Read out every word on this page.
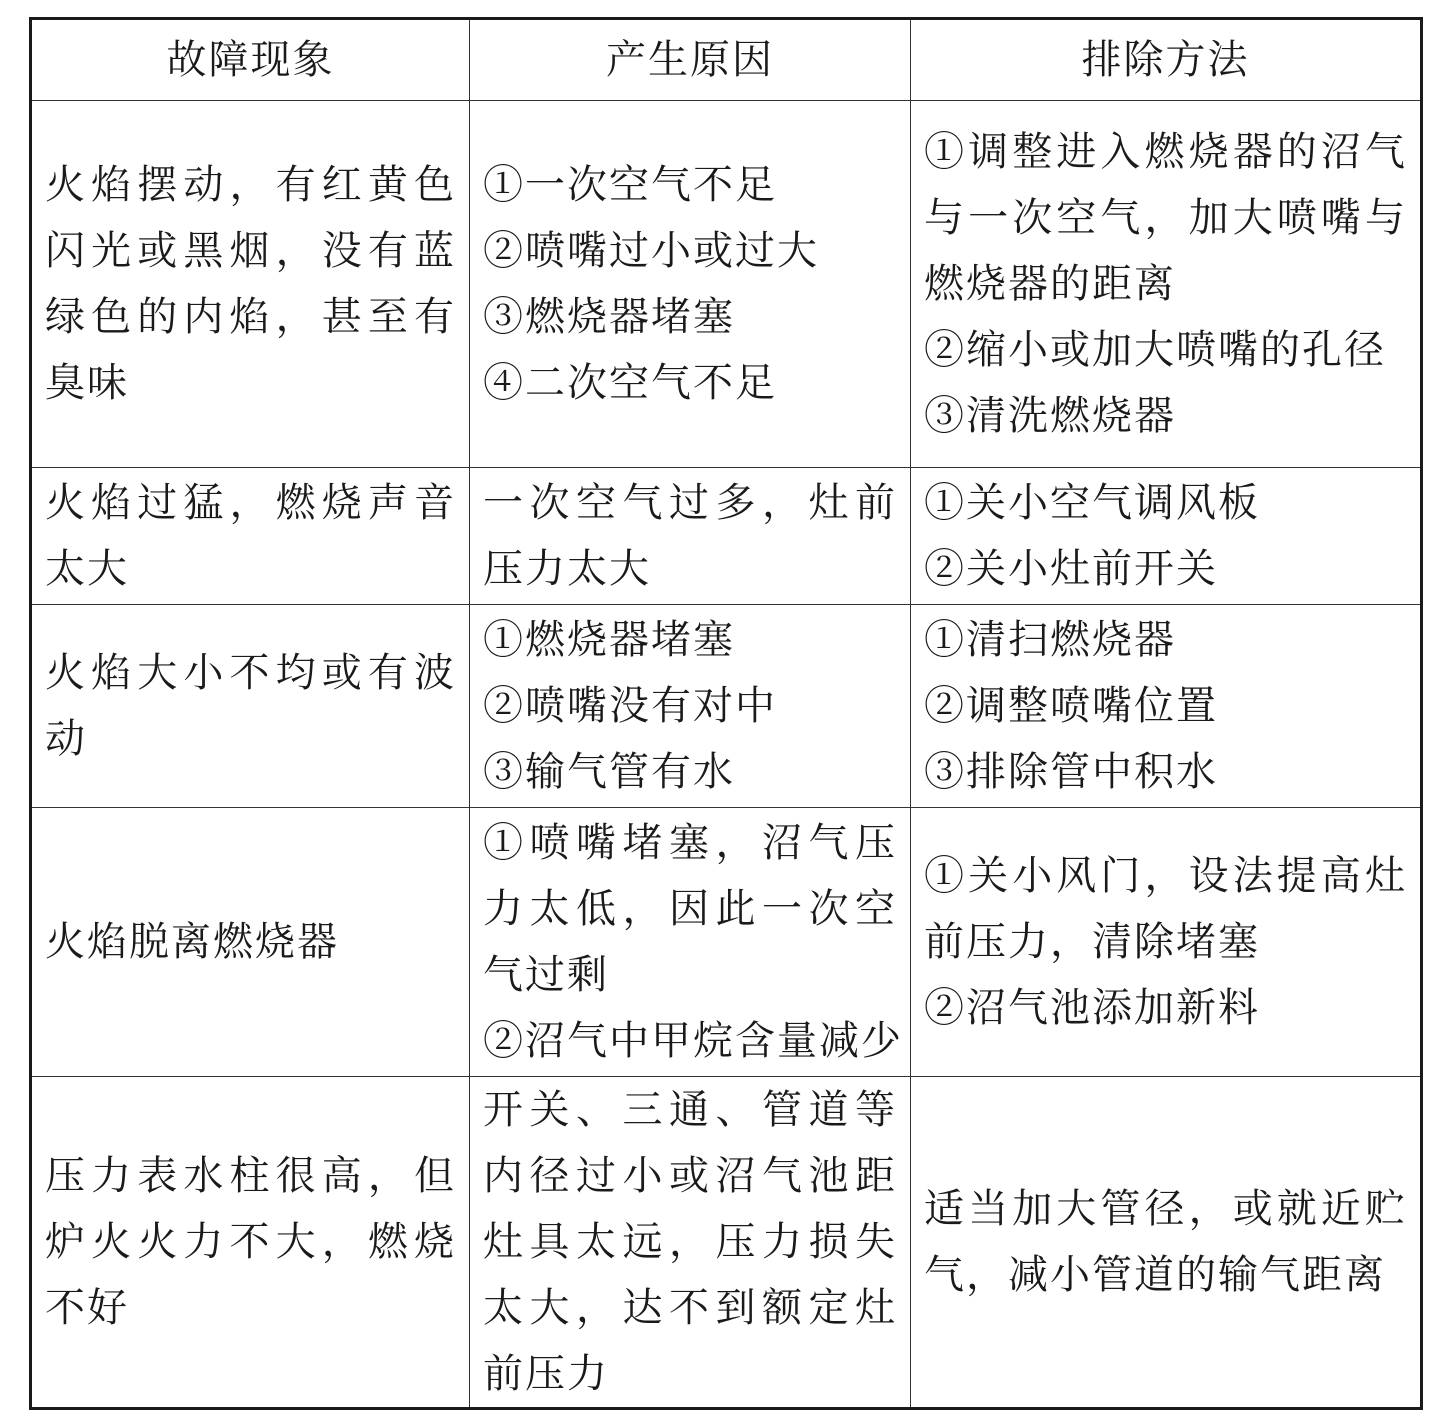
故障现象	产生原因	排除方法
火焰摆动，有红黄色闪光或黑烟，没有蓝绿色的内焰，甚至有臭味	①一次空气不足
②喷嘴过小或过大
③燃烧器堵塞
④二次空气不足	①调整进入燃烧器的沼气与一次空气，加大喷嘴与燃烧器的距离
②缩小或加大喷嘴的孔径
③清洗燃烧器

火焰过猛，燃烧声音太大	一次空气过多，灶前压力太大	①关小空气调风板
②关小灶前开关

火焰大小不均或有波动	①燃烧器堵塞
②喷嘴没有对中
③输气管有水	①清扫燃烧器
②调整喷嘴位置
③排除管中积水

火焰脱离燃烧器	①喷嘴堵塞，沼气压力太低，因此一次空气过剩
②沼气中甲烷含量减少	①关小风门，设法提高灶前压力，清除堵塞
②沼气池添加新料

压力表水柱很高，但炉火火力不大，燃烧不好	开关、三通、管道等内径过小或沼气池距灶具太远，压力损失太大，达不到额定灶前压力	适当加大管径，或就近贮气，减小管道的输气距离
